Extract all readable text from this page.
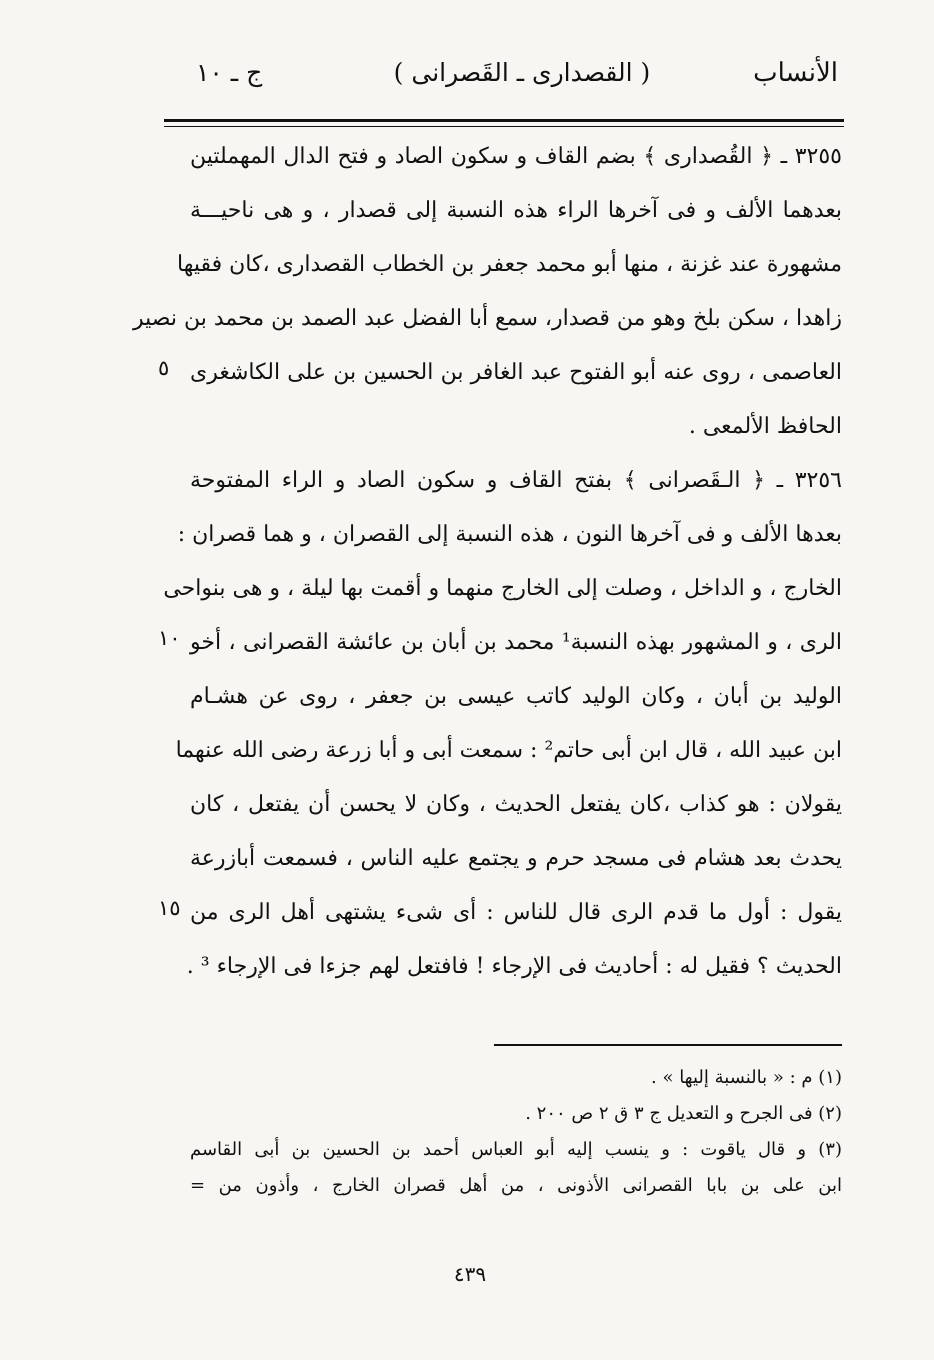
الأنساب
( القصدارى ـ القَصرانى )
ج ـ ١٠
٣٢٥٥ ـ ﴿ القُصدارى ﴾ بضم القاف و سكون الصاد و فتح الدال المهملتين
بعدهما الألف و فى آخرها الراء هذه النسبة إلى قصدار ، و هى ناحيـــة
مشهورة عند غزنة ، منها أبو محمد جعفر بن الخطاب القصدارى ،كان فقيها
زاهدا ، سكن بلخ وهو من قصدار، سمع أبا الفضل عبد الصمد بن محمد بن نصير
العاصمى ، روى عنه أبو الفتوح عبد الغافر بن الحسين بن على الكاشغرى
الحافظ الألمعى .
٣٢٥٦ ـ ﴿ الـقَصرانى ﴾ بفتح القاف و سكون الصاد و الراء المفتوحة
بعدها الألف و فى آخرها النون ، هذه النسبة إلى القصران ، و هما قصران :
الخارج ، و الداخل ، وصلت إلى الخارج منهما و أقمت بها ليلة ، و هى بنواحى
الرى ، و المشهور بهذه النسبة¹ محمد بن أبان بن عائشة القصرانى ، أخو
الوليد بن أبان ، وكان الوليد كاتب عيسى بن جعفر ، روى عن هشـام
ابن عبيد الله ، قال ابن أبى حاتم² : سمعت أبى و أبا زرعة رضى الله عنهما
يقولان : هو كذاب ،كان يفتعل الحديث ، وكان لا يحسن أن يفتعل ، كان
يحدث بعد هشام فى مسجد حرم و يجتمع عليه الناس ، فسمعت أبازرعة
يقول : أول ما قدم الرى قال للناس : أى شىء يشتهى أهل الرى من
الحديث ؟ فقيل له : أحاديث فى الإرجاء ! فافتعل لهم جزءا فى الإرجاء ³ .
٥
١٠
١٥
(١) م : « بالنسبة إليها » .
(٢) فى الجرح و التعديل ج ٣ ق ٢ ص ٢٠٠ .
(٣) و قال ياقوت : و ينسب إليه أبو العباس أحمد بن الحسين بن أبى القاسم
ابن على بن بابا القصرانى الأذونى ، من أهل قصران الخارج ، وأذون من =
٤٣٩
